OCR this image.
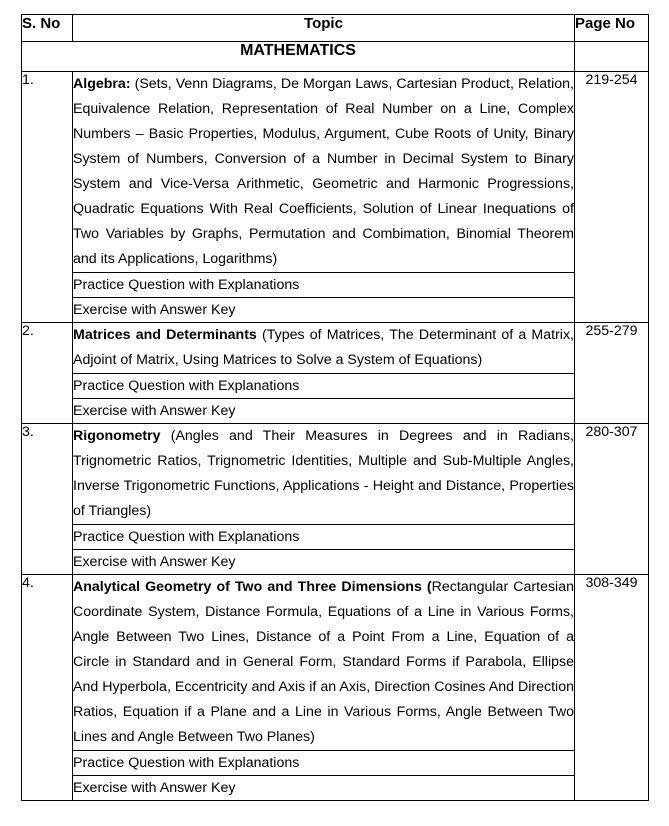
S. No	Topic	Page No
MATHEMATICS		
1.	Algebra: (Sets, Venn Diagrams, De Morgan Laws, Cartesian Product, Relation, Equivalence Relation, Representation of Real Number on a Line, Complex Numbers – Basic Properties, Modulus, Argument, Cube Roots of Unity, Binary System of Numbers, Conversion of a Number in Decimal System to Binary System and Vice-Versa Arithmetic, Geometric and Harmonic Progressions, Quadratic Equations With Real Coefficients, Solution of Linear Inequations of Two Variables by Graphs, Permutation and Combimation, Binomial Theorem and its Applications, Logarithms)	219-254
	Practice Question with Explanations	
	Exercise with Answer Key	
2.	Matrices and Determinants (Types of Matrices, The Determinant of a Matrix, Adjoint of Matrix, Using Matrices to Solve a System of Equations)	255-279
	Practice Question with Explanations	
	Exercise with Answer Key	
3.	Rigonometry (Angles and Their Measures in Degrees and in Radians, Trignometric Ratios, Trignometric Identities, Multiple and Sub-Multiple Angles, Inverse Trigonometric Functions, Applications - Height and Distance, Properties of Triangles)	280-307
	Practice Question with Explanations	
	Exercise with Answer Key	
4.	Analytical Geometry of Two and Three Dimensions (Rectangular Cartesian Coordinate System, Distance Formula, Equations of a Line in Various Forms, Angle Between Two Lines, Distance of a Point From a Line, Equation of a Circle in Standard and in General Form, Standard Forms if Parabola, Ellipse And Hyperbola, Eccentricity and Axis if an Axis, Direction Cosines And Direction Ratios, Equation if a Plane and a Line in Various Forms, Angle Between Two Lines and Angle Between Two Planes)	308-349
	Practice Question with Explanations	
	Exercise with Answer Key	
